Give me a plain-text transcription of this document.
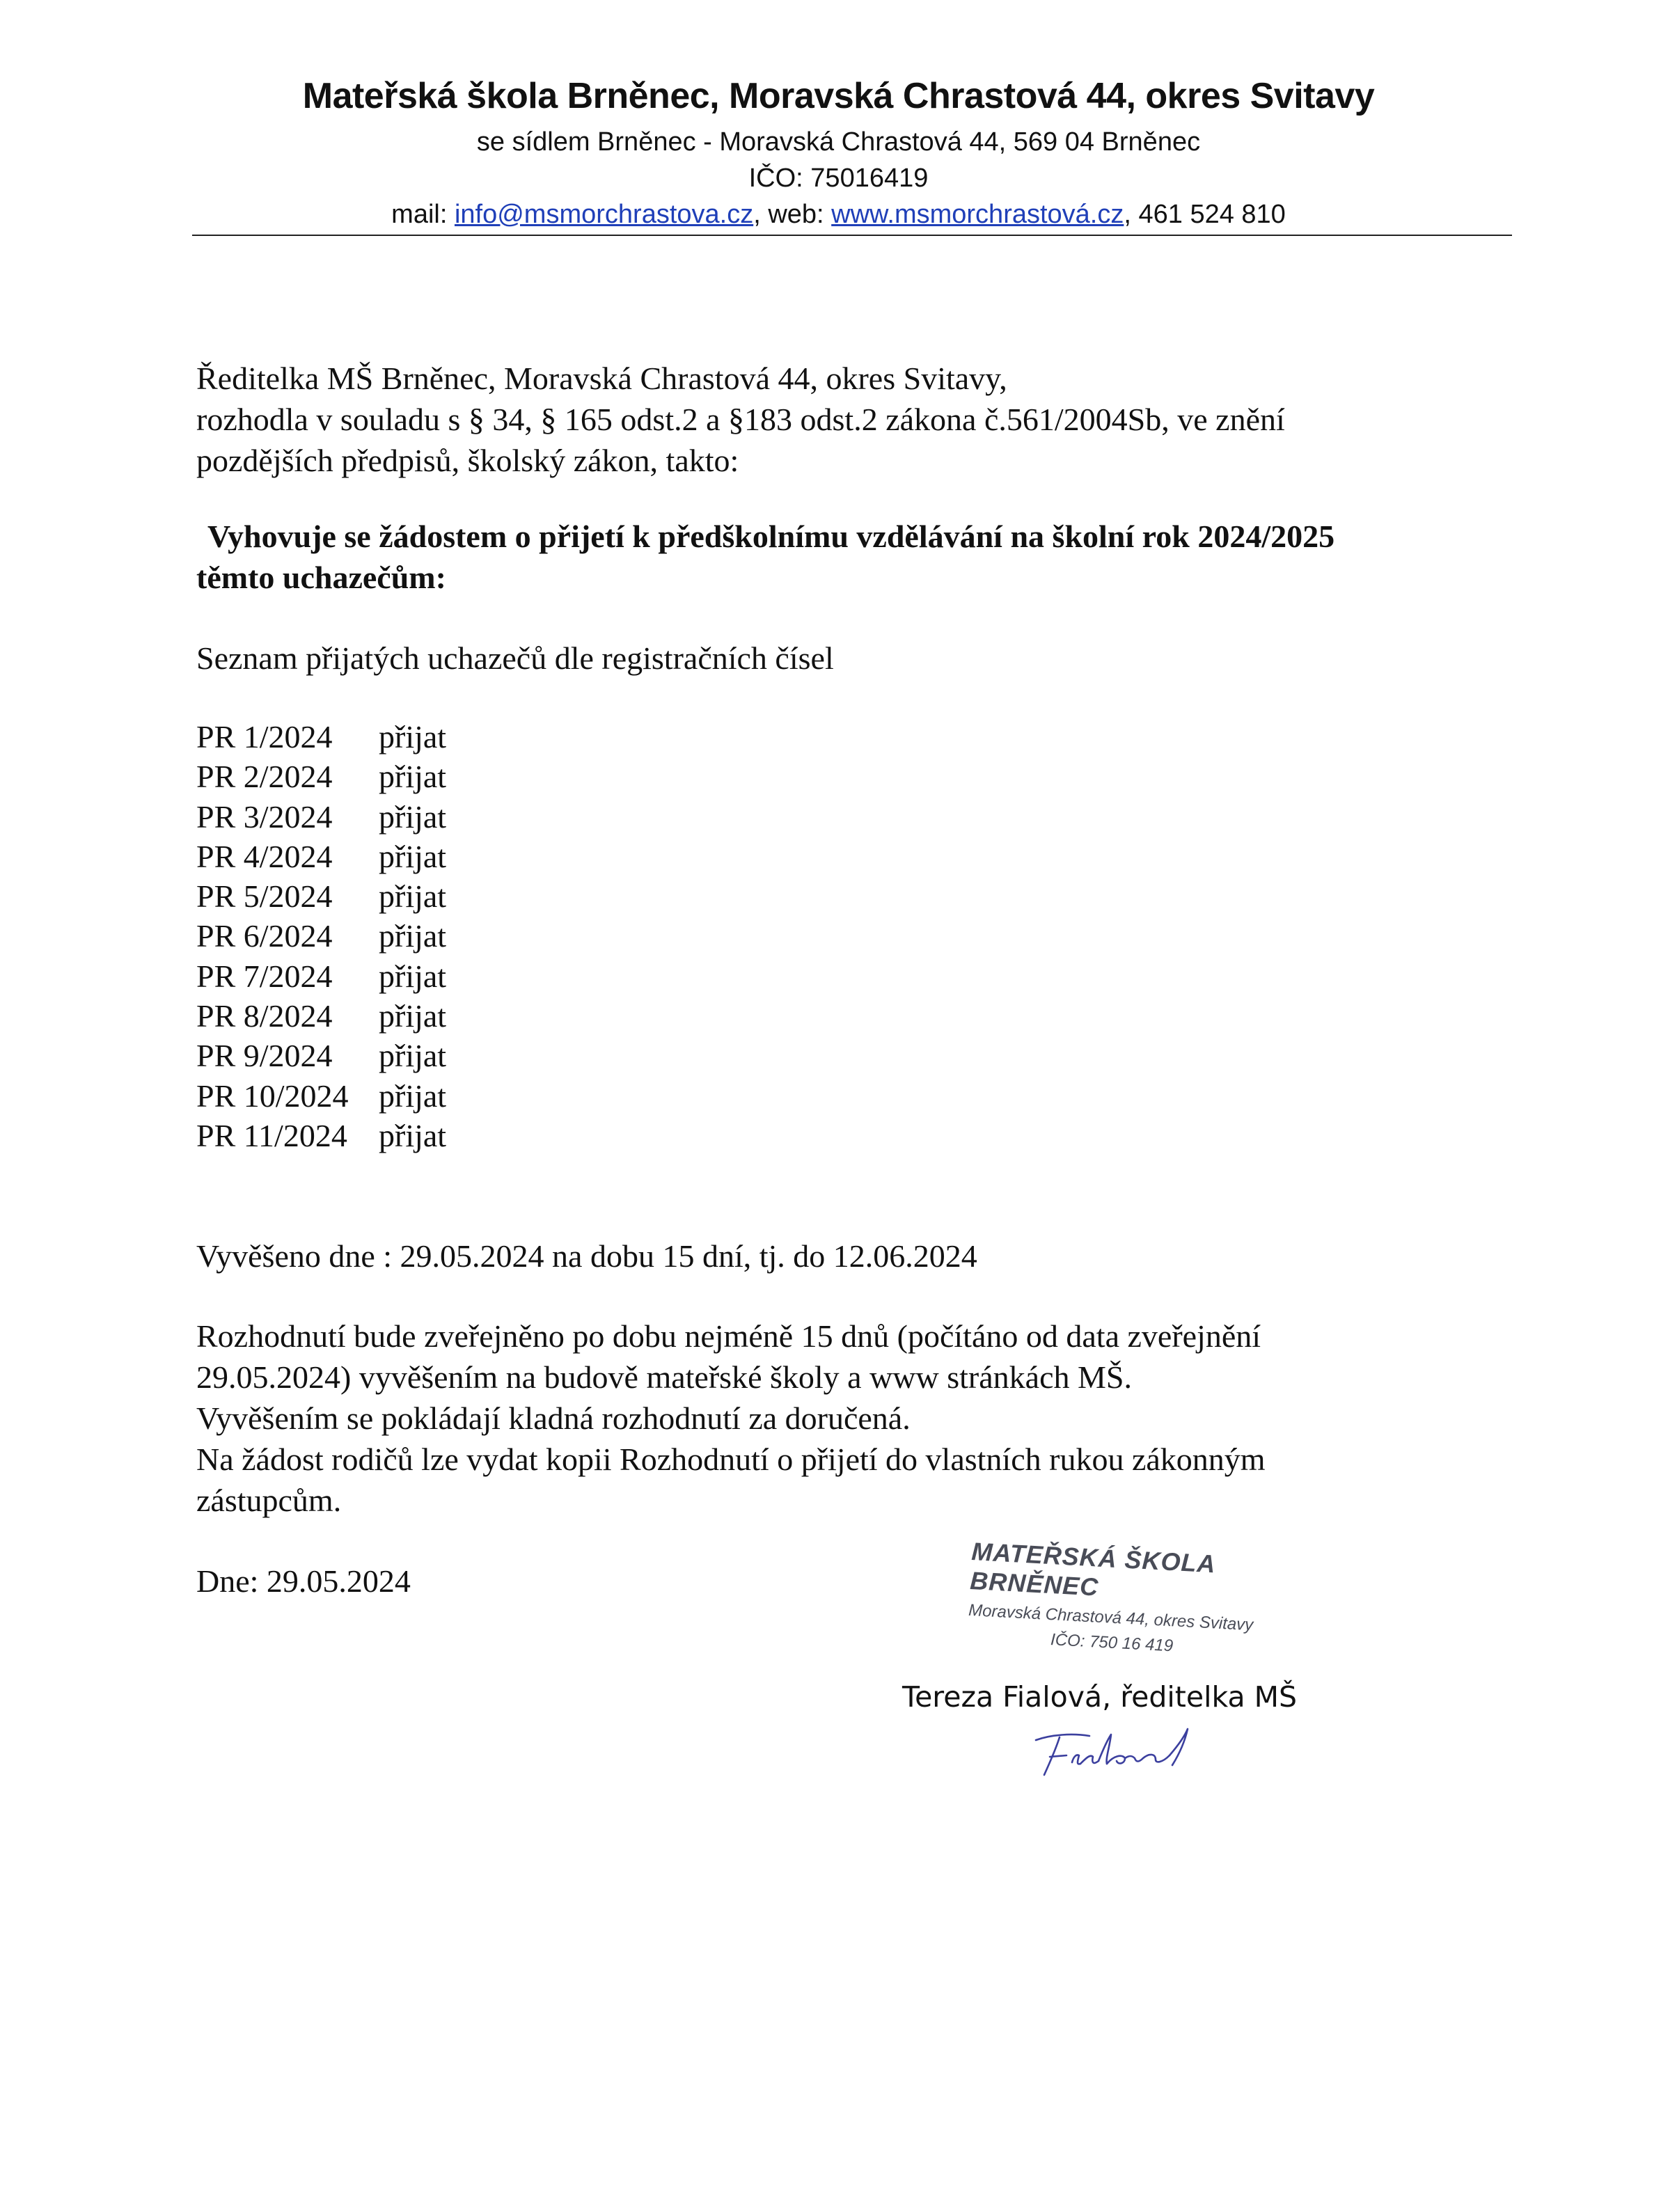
Mateřská škola Brněnec, Moravská Chrastová 44, okres Svitavy
se sídlem Brněnec - Moravská Chrastová 44, 569 04 Brněnec
IČO: 75016419
mail: info@msmorchrastova.cz, web: www.msmorchrastová.cz, 461 524 810
Ředitelka MŠ Brněnec, Moravská Chrastová 44, okres Svitavy,
rozhodla v souladu s § 34, § 165 odst.2 a §183 odst.2 zákona č.561/2004Sb, ve znění
pozdějších předpisů, školský zákon, takto:
Vyhovuje se žádostem o přijetí k předškolnímu vzdělávání na školní rok 2024/2025
těmto uchazečům:
Seznam přijatých uchazečů dle registračních čísel
PR 1/2024	přijat
PR 2/2024	přijat
PR 3/2024	přijat
PR 4/2024	přijat
PR 5/2024	přijat
PR 6/2024	přijat
PR 7/2024	přijat
PR 8/2024	přijat
PR 9/2024	přijat
PR 10/2024 přijat
PR 11/2024 přijat
Vyvěšeno dne : 29.05.2024 na dobu 15 dní, tj. do 12.06.2024
Rozhodnutí bude zveřejněno po dobu nejméně 15 dnů (počítáno od data zveřejnění
29.05.2024) vyvěšením na budově mateřské školy a www stránkách MŠ.
Vyvěšením se pokládají kladná rozhodnutí za doručená.
Na žádost rodičů lze vydat kopii Rozhodnutí o přijetí do vlastních rukou zákonným
zástupcům.
Dne: 29.05.2024
MATEŘSKÁ ŠKOLA BRNĚNEC
Moravská Chrastová 44, okres Svitavy
IČO: 750 16 419
Tereza Fialová, ředitelka MŠ
